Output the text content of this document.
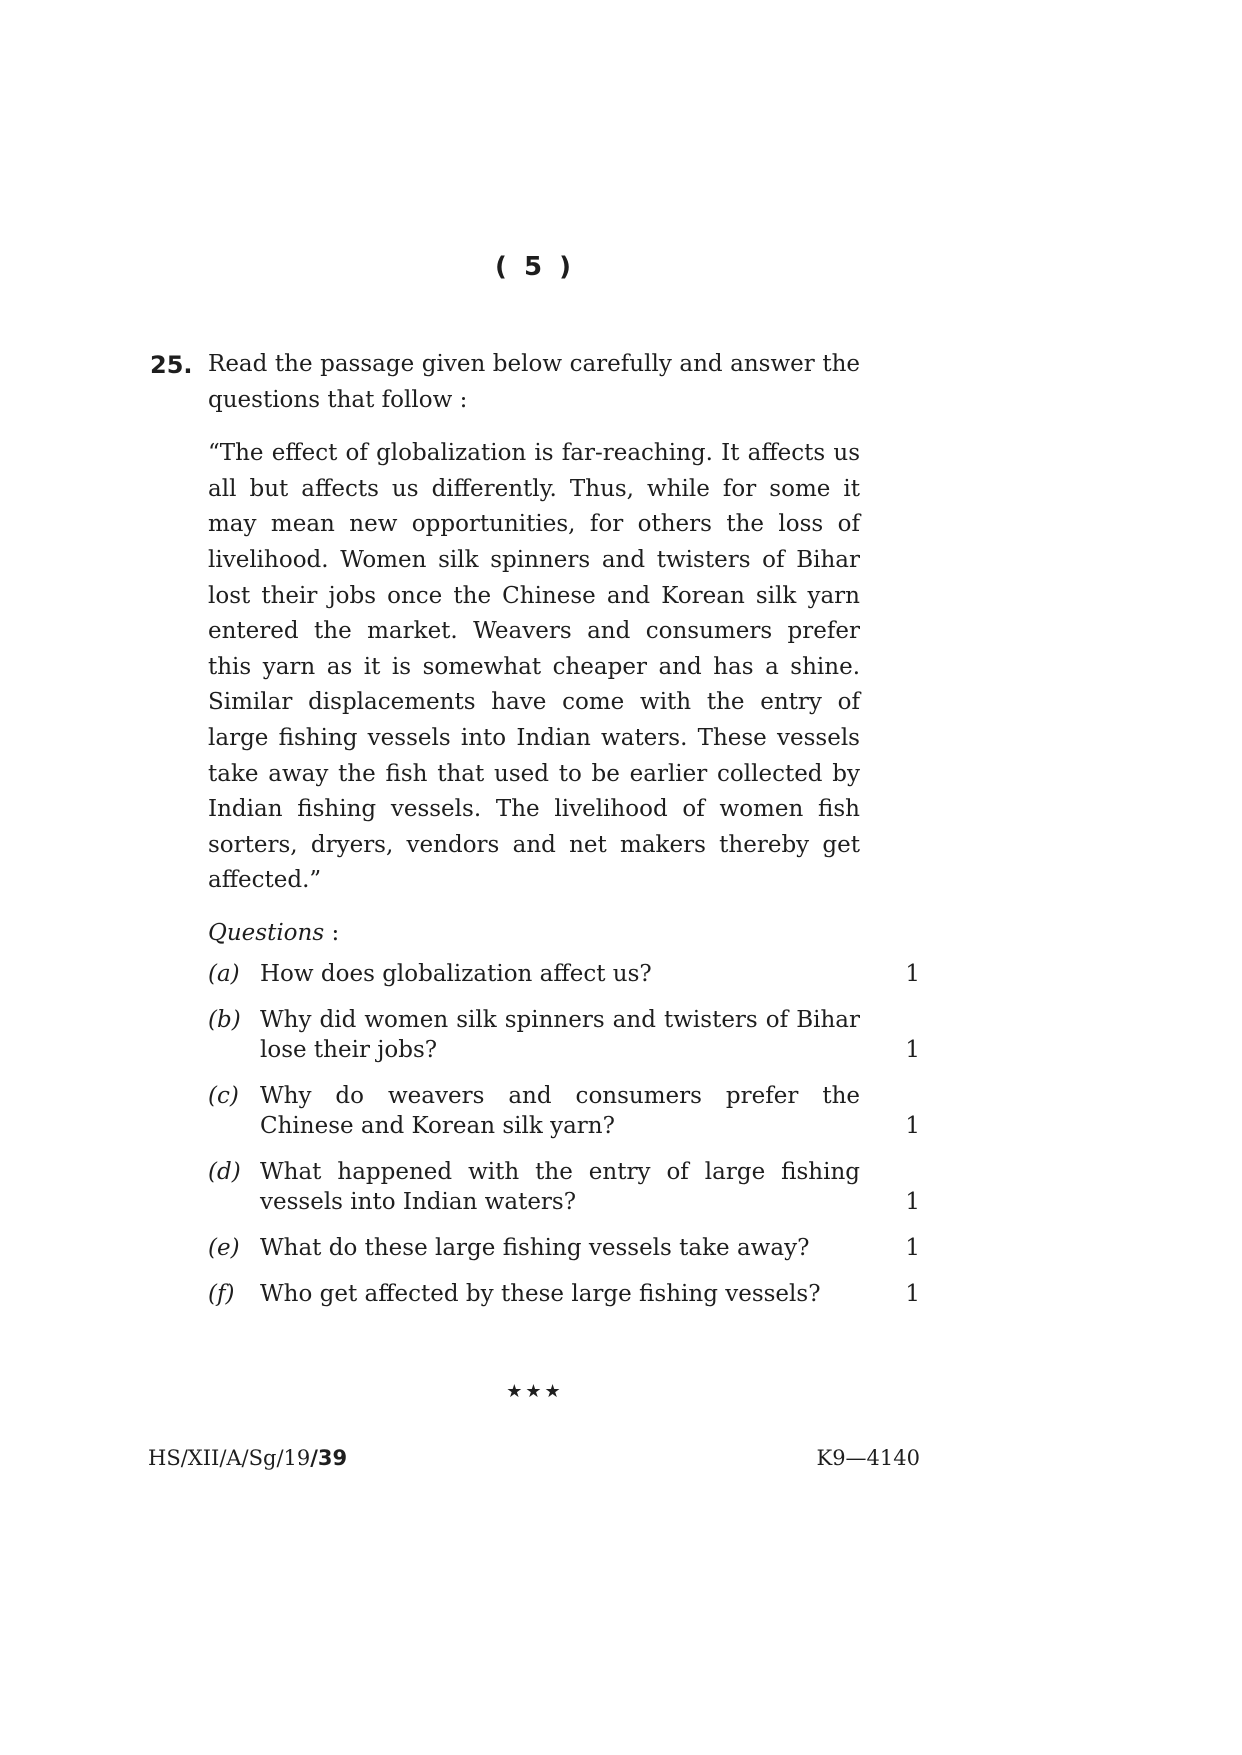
( 5 )
25. Read the passage given below carefully and answer the questions that follow :

“The effect of globalization is far-reaching. It affects us all but affects us differently. Thus, while for some it may mean new opportunities, for others the loss of livelihood. Women silk spinners and twisters of Bihar lost their jobs once the Chinese and Korean silk yarn entered the market. Weavers and consumers prefer this yarn as it is somewhat cheaper and has a shine. Similar displacements have come with the entry of large fishing vessels into Indian waters. These vessels take away the fish that used to be earlier collected by Indian fishing vessels. The livelihood of women fish sorters, dryers, vendors and net makers thereby get affected.”

Questions :

(a) How does globalization affect us?	1
(b) Why did women silk spinners and twisters of Bihar lose their jobs?	1
(c) Why do weavers and consumers prefer the Chinese and Korean silk yarn?	1
(d) What happened with the entry of large fishing vessels into Indian waters?	1
(e) What do these large fishing vessels take away?	1
(f)	Who get affected by these large fishing vessels?	1
★★★
HS/XII/A/Sg/19/39	K9—4140
